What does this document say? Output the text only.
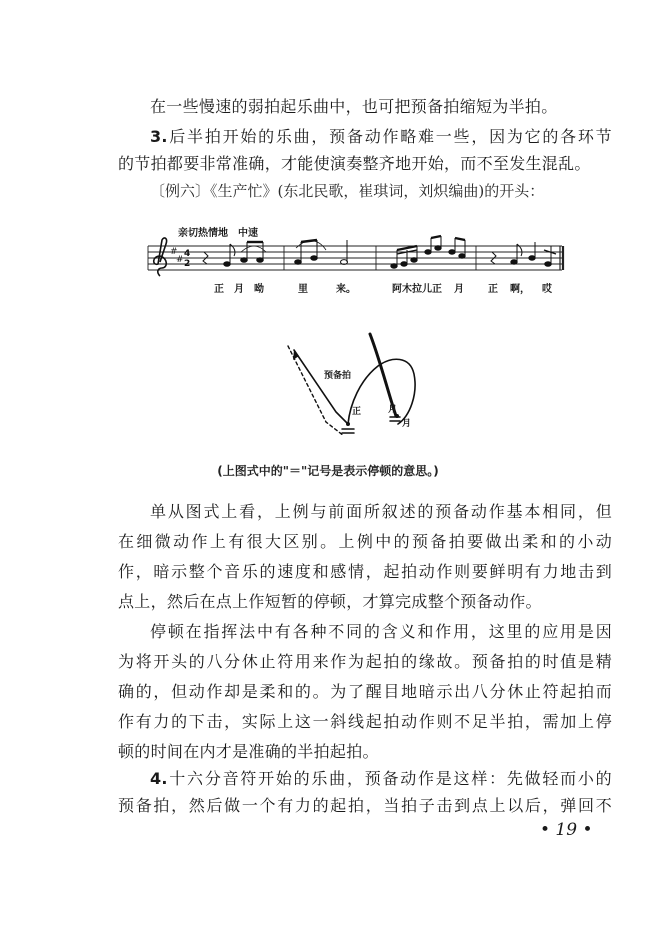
在一些慢速的弱拍起乐曲中，也可把预备拍缩短为半拍。
3.后半拍开始的乐曲，预备动作略难一些，因为它的各环节
的节拍都要非常准确，才能使演奏整齐地开始，而不至发生混乱。
〔例六〕《生产忙》(东北民歌，崔琪词，刘炽编曲)的开头：
亲切热情地　中速
#
# 2
4
正 月 呦	里	来。	阿木拉儿正 月 正 啊， 哎
预备拍
正	月
月
(上图式中的"＝"记号是表示停顿的意思。)
单从图式上看，上例与前面所叙述的预备动作基本相同，但
在细微动作上有很大区别。上例中的预备拍要做出柔和的小动
作，暗示整个音乐的速度和感情，起拍动作则要鲜明有力地击到
点上，然后在点上作短暂的停顿，才算完成整个预备动作。
停顿在指挥法中有各种不同的含义和作用，这里的应用是因
为将开头的八分休止符用来作为起拍的缘故。预备拍的时值是精
确的，但动作却是柔和的。为了醒目地暗示出八分休止符起拍而
作有力的下击，实际上这一斜线起拍动作则不足半拍，需加上停
顿的时间在内才是准确的半拍起拍。
4.十六分音符开始的乐曲，预备动作是这样：先做轻而小的
预备拍，然后做一个有力的起拍，当拍子击到点上以后，弹回不
• 19 •
